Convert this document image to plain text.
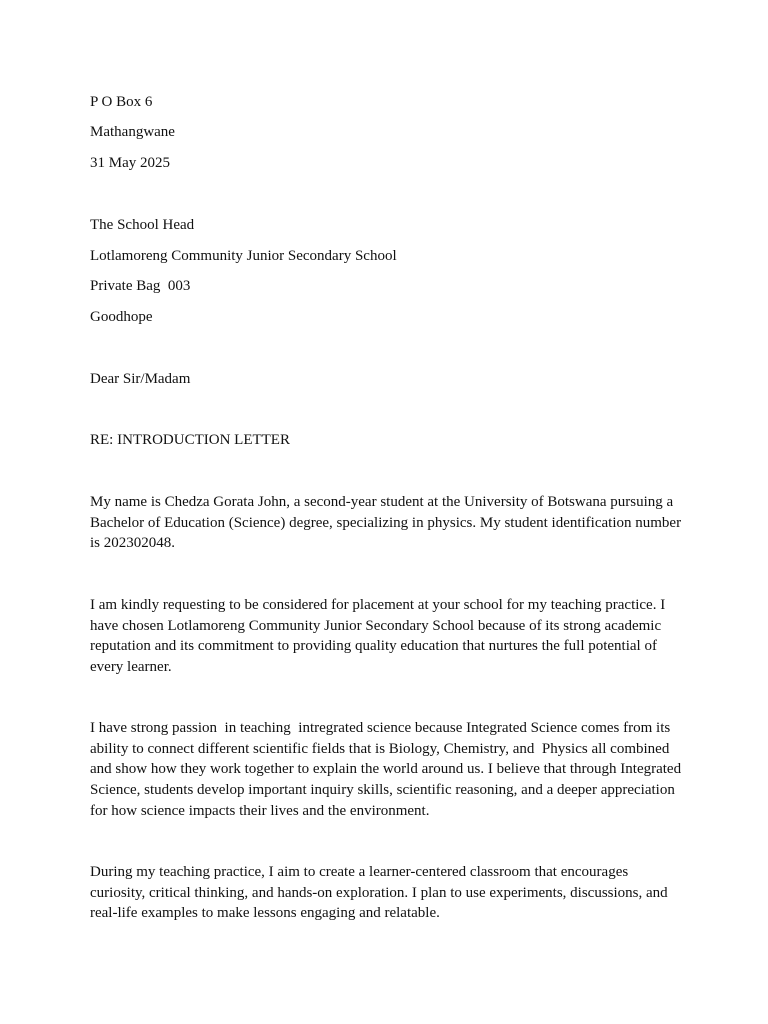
P O Box 6
Mathangwane
31 May 2025
The School Head
Lotlamoreng Community Junior Secondary School
Private Bag  003
Goodhope
Dear Sir/Madam
RE: INTRODUCTION LETTER
My name is Chedza Gorata John, a second-year student at the University of Botswana pursuing a Bachelor of Education (Science) degree, specializing in physics. My student identification number is 202302048.
I am kindly requesting to be considered for placement at your school for my teaching practice. I have chosen Lotlamoreng Community Junior Secondary School because of its strong academic reputation and its commitment to providing quality education that nurtures the full potential of every learner.
I have strong passion  in teaching  intregrated science because Integrated Science comes from its ability to connect different scientific fields that is Biology, Chemistry, and  Physics all combined and show how they work together to explain the world around us. I believe that through Integrated Science, students develop important inquiry skills, scientific reasoning, and a deeper appreciation for how science impacts their lives and the environment.
During my teaching practice, I aim to create a learner-centered classroom that encourages curiosity, critical thinking, and hands-on exploration. I plan to use experiments, discussions, and real-life examples to make lessons engaging and relatable.
